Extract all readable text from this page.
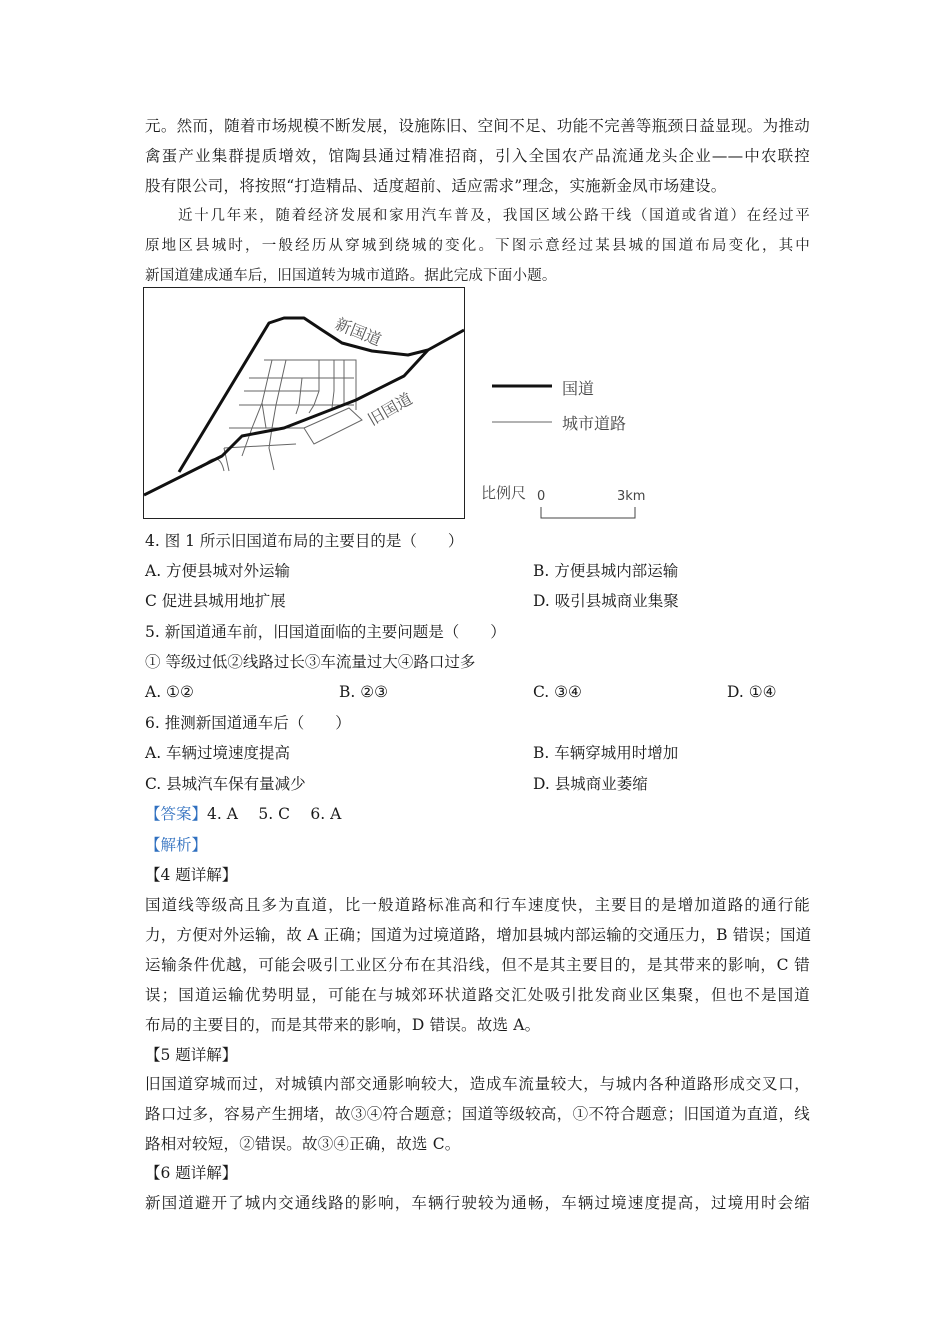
元。然而，随着市场规模不断发展，设施陈旧、空间不足、功能不完善等瓶颈日益显现。为推动
禽蛋产业集群提质增效，馆陶县通过精准招商，引入全国农产品流通龙头企业——中农联控
股有限公司，将按照“打造精品、适度超前、适应需求”理念，实施新金凤市场建设。
近十几年来，随着经济发展和家用汽车普及，我国区域公路干线（国道或省道）在经过平
原地区县城时，一般经历从穿城到绕城的变化。下图示意经过某县城的国道布局变化，其中
新国道建成通车后，旧国道转为城市道路。据此完成下面小题。
新国道
旧国道
国道
城市道路
比例尺 0	3km
4. 图 1 所示旧国道布局的主要目的是（　　）
A. 方便县城对外运输	B. 方便县城内部运输
C 促进县城用地扩展	D. 吸引县城商业集聚
5. 新国道通车前，旧国道面临的主要问题是（　　）
① 等级过低②线路过长③车流量过大④路口过多
A. ①②	B. ②③	C. ③④	D. ①④
6. 推测新国道通车后（　　）
A. 车辆过境速度提高	B. 车辆穿城用时增加
C. 县城汽车保有量减少	D. 县城商业萎缩
【答案】4. A　 5. C　 6. A
【解析】
【4 题详解】
国道线等级高且多为直道，比一般道路标准高和行车速度快，主要目的是增加道路的通行能
力，方便对外运输，故 A 正确；国道为过境道路，增加县城内部运输的交通压力，B 错误；国道
运输条件优越，可能会吸引工业区分布在其沿线，但不是其主要目的，是其带来的影响，C 错
误；国道运输优势明显，可能在与城郊环状道路交汇处吸引批发商业区集聚，但也不是国道
布局的主要目的，而是其带来的影响，D 错误。故选 A。
【5 题详解】
旧国道穿城而过，对城镇内部交通影响较大，造成车流量较大，与城内各种道路形成交叉口，
路口过多，容易产生拥堵，故③④符合题意；国道等级较高，①不符合题意；旧国道为直道，线
路相对较短，②错误。故③④正确，故选 C。
【6 题详解】
新国道避开了城内交通线路的影响，车辆行驶较为通畅，车辆过境速度提高，过境用时会缩
